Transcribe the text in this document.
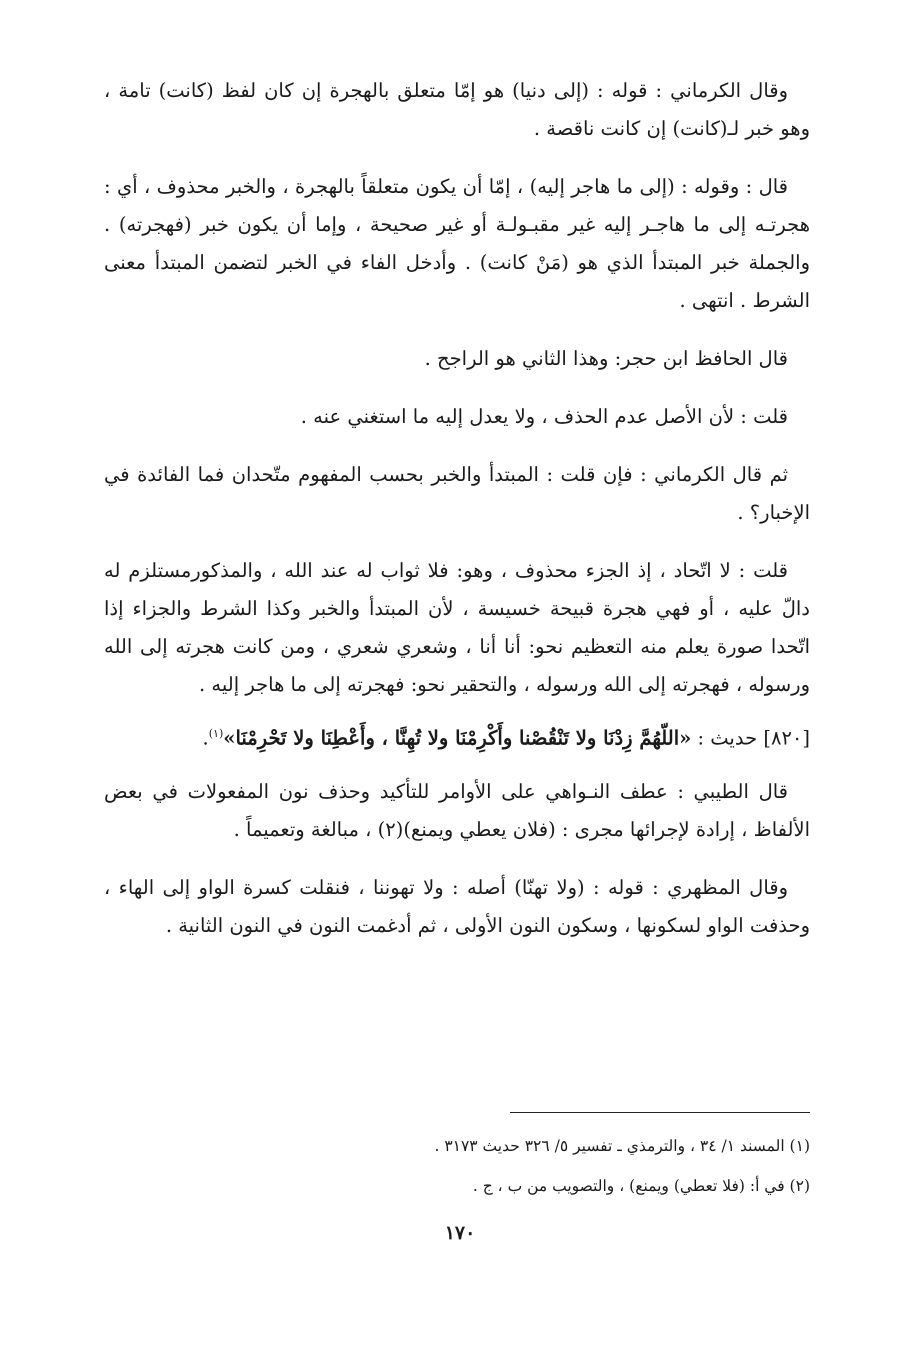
وقال الكرماني : قوله : (إلى دنيا) هو إمّا متعلق بالهجرة إن كان لفظ (كانت) تامة ، وهو خبر لـ(كانت) إن كانت ناقصة .

قال : وقوله : (إلى ما هاجر إليه) ، إمّا أن يكون متعلقاً بالهجرة ، والخبر محذوف ، أي : هجرتـه إلى ما هاجـر إليه غير مقبـولـة أو غير صحيحة ، وإما أن يكون خبر (فهجرته) . والجملة خبر المبتدأ الذي هو (مَنْ كانت) . وأدخل الفاء في الخبر لتضمن المبتدأ معنى الشرط . انتهى .

قال الحافظ ابن حجر: وهذا الثاني هو الراجح .

قلت : لأن الأصل عدم الحذف ، ولا يعدل إليه ما استغني عنه .

ثم قال الكرماني : فإن قلت : المبتدأ والخبر بحسب المفهوم متّحدان فما الفائدة في الإخبار؟ .

قلت : لا اتّحاد ، إذ الجزء محذوف ، وهو: فلا ثواب له عند الله ، والمذكورمستلزم له دالّ عليه ، أو فهي هجرة قبيحة خسيسة ، لأن المبتدأ والخبر وكذا الشرط والجزاء إذا اتّحدا صورة يعلم منه التعظيم نحو: أنا أنا ، وشعري شعري ، ومن كانت هجرته إلى الله ورسوله ، فهجرته إلى الله ورسوله ، والتحقير نحو: فهجرته إلى ما هاجر إليه .

[٨٢٠] حديث : «اللّهُمَّ زِدْنَا ولا تَنْقُصْنا وأَكْرِمْنَا ولا تُهِنَّا ، وأَعْطِنَا ولا تَحْرِمْنَا»$^{(١)}$.

قال الطيبي : عطف النـواهي على الأوامر للتأكيد وحذف نون المفعولات في بعض الألفاظ ، إرادة لإجرائها مجرى : (فلان يعطي ويمنع)(٢) ، مبالغة وتعميماً .

وقال المظهري : قوله : (ولا تهنّا) أصله : ولا تهوننا ، فنقلت كسرة الواو إلى الهاء ، وحذفت الواو لسكونها ، وسكون النون الأولى ، ثم أدغمت النون في النون الثانية .

(١) المسند ١/ ٣٤ ، والترمذي ـ تفسير ٥/ ٣٢٦ حديث ٣١٧٣ .

(٢) في أ: (فلا تعطي) ويمنع) ، والتصويب من ب ، ج .

١٧٠
